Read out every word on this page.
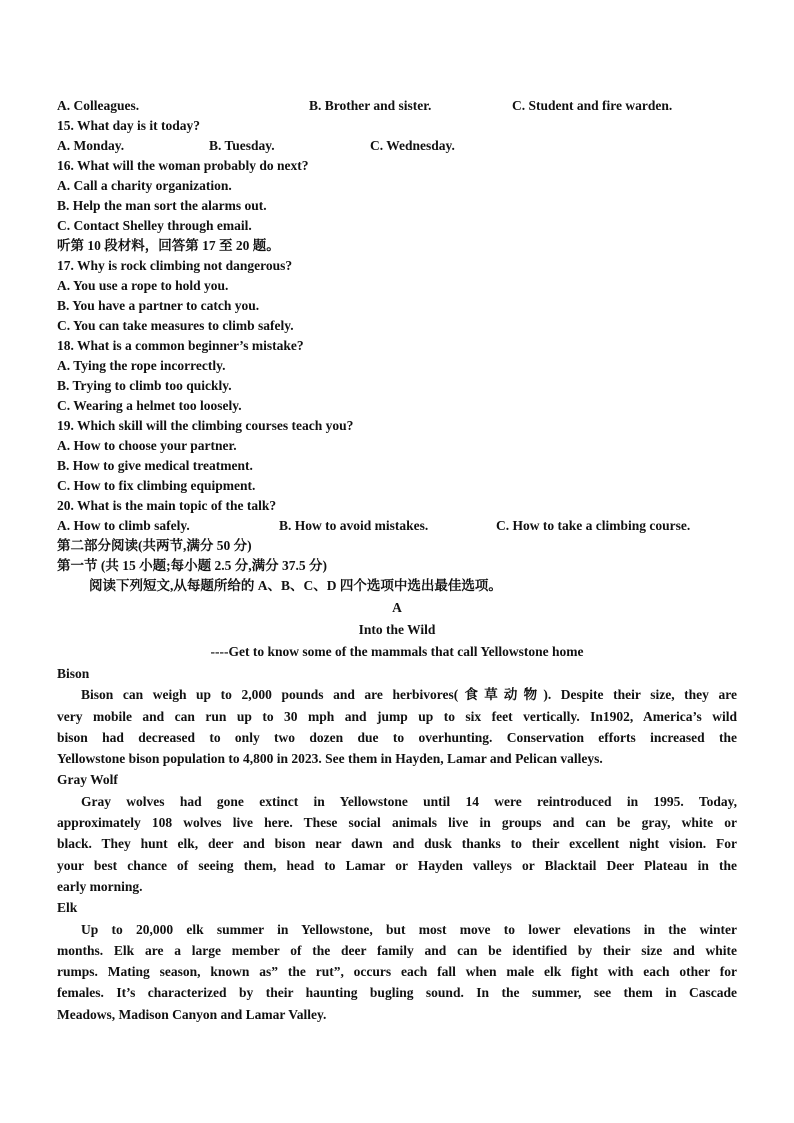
A. Colleagues.	B. Brother and sister.	C. Student and fire warden.
15. What day is it today?
A. Monday.	B. Tuesday.	C. Wednesday.
16. What will the woman probably do next?
A. Call a charity organization.
B. Help the man sort the alarms out.
C. Contact Shelley through email.
听第 10 段材料，回答第 17 至 20 题。
17. Why is rock climbing not dangerous?
A. You use a rope to hold you.
B. You have a partner to catch you.
C. You can take measures to climb safely.
18. What is a common beginner’s mistake?
A. Tying the rope incorrectly.
B. Trying to climb too quickly.
C. Wearing a helmet too loosely.
19. Which skill will the climbing courses teach you?
A. How to choose your partner.
B. How to give medical treatment.
C. How to fix climbing equipment.
20. What is the main topic of the talk?
A. How to climb safely.	B. How to avoid mistakes.	C. How to take a climbing course.
第二部分阅读(共两节,满分 50 分)
第一节 (共 15 小题;每小题 2.5 分,满分 37.5 分)
阅读下列短文,从每题所给的 A、B、C、D 四个选项中选出最佳选项。
A
Into the Wild
----Get to know some of the mammals that call Yellowstone home
Bison
Bison can weigh up to 2,000 pounds and are herbivores(食草动物). Despite their size, they are
very mobile and can run up to 30 mph and jump up to six feet vertically. In1902, America’s wild
bison had decreased to only two dozen due to overhunting. Conservation efforts increased the
Yellowstone bison population to 4,800 in 2023. See them in Hayden, Lamar and Pelican valleys.
Gray Wolf
Gray wolves had gone extinct in Yellowstone until 14 were reintroduced in 1995. Today,
approximately 108 wolves live here. These social animals live in groups and can be gray, white or
black. They hunt elk, deer and bison near dawn and dusk thanks to their excellent night vision. For
your best chance of seeing them, head to Lamar or Hayden valleys or Blacktail Deer Plateau in the
early morning.
Elk
Up to 20,000 elk summer in Yellowstone, but most move to lower elevations in the winter
months. Elk are a large member of the deer family and can be identified by their size and white
rumps. Mating season, known as” the rut”, occurs each fall when male elk fight with each other for
females. It’s characterized by their haunting bugling sound. In the summer, see them in Cascade
Meadows, Madison Canyon and Lamar Valley.
